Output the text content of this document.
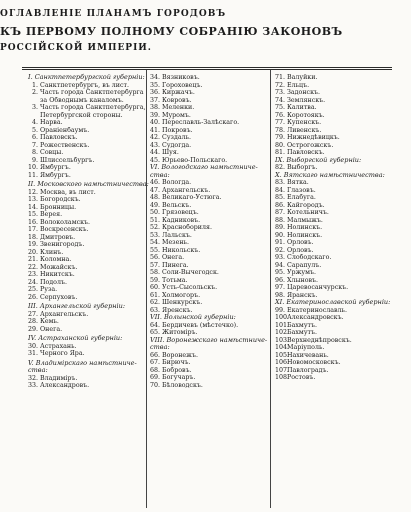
ОГЛАВЛЕНІЕ ПЛАНАМЪ ГОРОДОВЪ
КЪ ПЕРВОМУ ПОЛНОМУ СОБРАНІЮ ЗАКОНОВЪ
РОССІЙСКОЙ ИМПЕРІИ.
I. Санктпетербургской губерніи:
1. Санктпетербургъ, въ лист.
2. Часть города Санктпетербурга
за Обводнымъ каналомъ.
3. Часть города Санктпетербурга,
Петербургской стороны.
4. Нарва.
5. Ораніенбаумъ.
6. Павловскъ.
7. Рожественскъ.
8. Совцы.
9. Шлиссельбургъ.
10. Ямбургъ.
11. Ямбургъ.
II. Московского намѣстничества:
12. Москва, въ лист.
13. Богородскъ.
14. Бронницы.
15. Верея.
16. Волоколамскъ.
17. Воскресенскъ.
18. Дмитровъ.
19. Звенигородъ.
20. Клинъ.
21. Коломна.
22. Можайскъ.
23. Никитскъ.
24. Подолъ.
25. Руза.
26. Серпуховъ.
III. Архангельской губерніи:
27. Архангельскъ.
28. Кемь.
29. Онега.
IV. Астраханской губерніи:
30. Астрахань.
31. Черного Яра.
V. Владимірскаго намѣстниче-
ства:
32. Владиміръ.
33. Александровъ.
34. Вязниковъ.
35. Гороховецъ.
36. Киржачъ.
37. Ковровъ.
38. Меленки.
39. Муромъ.
40. Переславль-Залѣскаго.
41. Покровъ.
42. Суздаль.
43. Судогда.
44. Шуя.
45. Юрьево-Польскаго.
VI. Вологодскаго намѣстниче-
ства:
46. Вологда.
47. Архангельскъ.
48. Великаго-Устюга.
49. Вельскъ.
50. Грязовецъ.
51. Кадниковъ.
52. Краснобориля.
53. Лальскъ.
54. Мезень.
55. Никольскъ.
56. Онега.
57. Пинега.
58. Соли-Вычегодск.
59. Тотьма.
60. Усть-Сысольскъ.
61. Холмогоръ.
62. Шенкурскъ.
63. Яренскъ.
VII. Волынской губерніи:
64. Бердичевъ (мѣстечко).
65. Житоміръ.
VIII. Воронежскаго намѣстниче-
ства:
66. Воронежъ.
67. Бирючъ.
68. Бобровъ.
69. Богучаръ.
70. Бѣловодскъ.
71. Валуйки.
72. Ельцъ.
73. Задонскъ.
74. Землянскъ.
75. Калитва.
76. Коротоякъ.
77. Купенскъ.
78. Ливенскъ.
79. Нижнедѣвицкъ.
80. Острогожскъ.
81. Павловскъ.
IX. Выборгской губерніи:
82. Выборгъ.
X. Вятскаго намѣстничества:
83. Вятка.
84. Глазовъ.
85. Елабуга.
86. Кайгородъ.
87. Котельничъ.
88. Малмыжъ.
89. Нолинскъ.
90. Нолинскъ.
91. Орловъ.
92. Орловъ.
93. Слободскаго.
94. Сарапулъ.
95. Уржумъ.
96. Хлыновъ.
97. Царевосанчурскъ.
98. Яранскъ.
XI. Екатеринославской губерніи:
99. Екатеринославль.
100.
Александровскъ.
101.
Бахмутъ.
102.
Бахмутъ.
103.
Верхнеднѣпровскъ.
104.
Маріуполь.
105.
Нахичевань.
106.
Новомосковскъ.
107.
Павлоградъ.
108.
Ростовъ.
